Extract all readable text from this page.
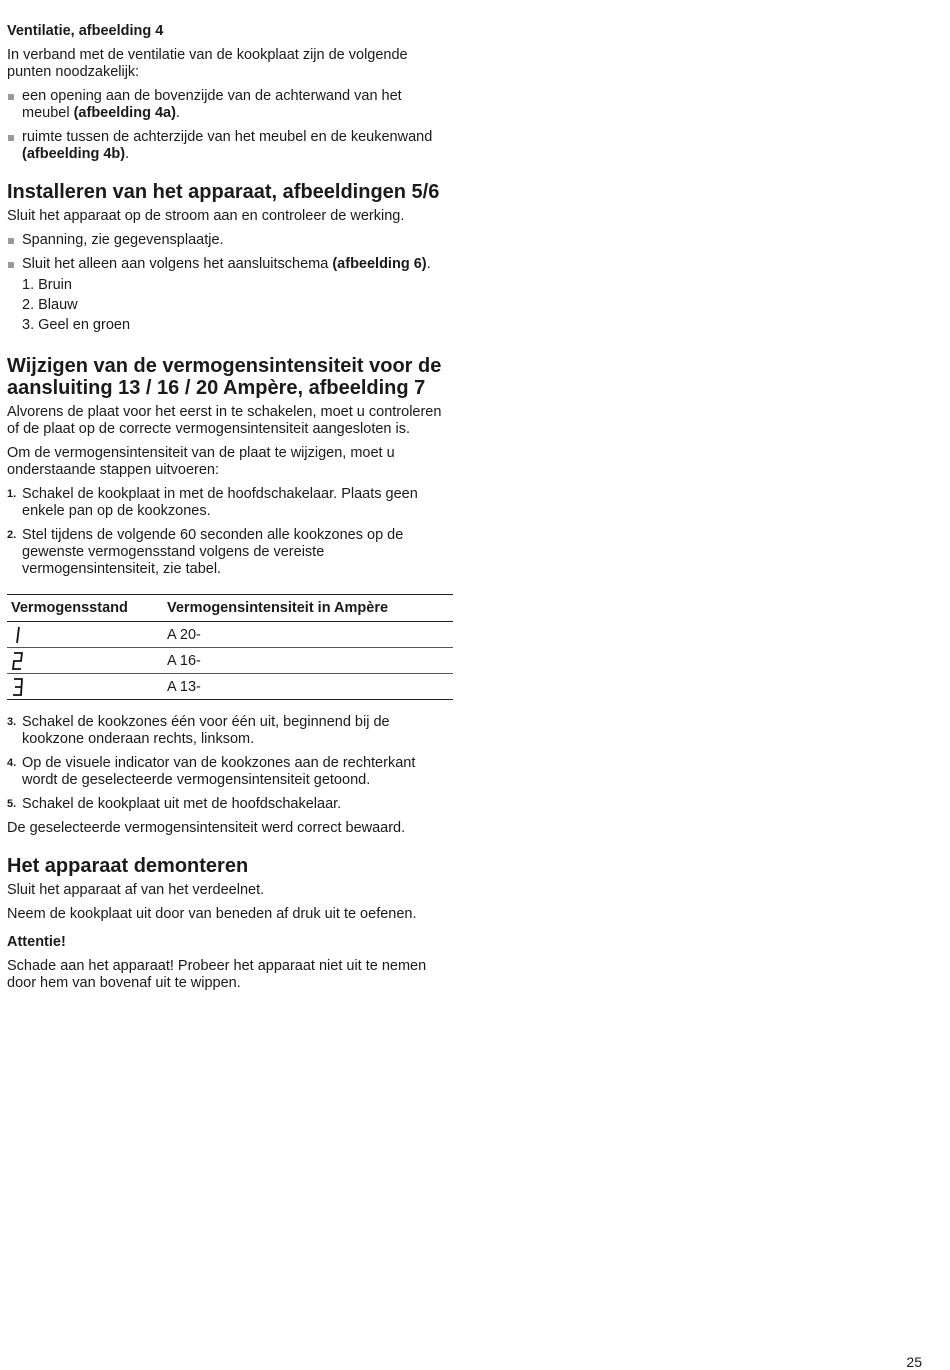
Ventilatie, afbeelding 4

In verband met de ventilatie van de kookplaat zijn de volgende punten noodzakelijk:

een opening aan de bovenzijde van de achterwand van het meubel (afbeelding 4a).
ruimte tussen de achterzijde van het meubel en de keukenwand (afbeelding 4b).
Installeren van het apparaat, afbeeldingen 5/6

Sluit het apparaat op de stroom aan en controleer de werking.

Spanning, zie gegevensplaatje.
Sluit het alleen aan volgens het aansluitschema (afbeelding 6).
1. Bruin
2. Blauw
3. Geel en groen
Wijzigen van de vermogensintensiteit voor de aansluiting 13 / 16 / 20 Ampère, afbeelding 7

Alvorens de plaat voor het eerst in te schakelen, moet u controleren of de plaat op de correcte vermogensintensiteit aangesloten is.

Om de vermogensintensiteit van de plaat te wijzigen, moet u onderstaande stappen uitvoeren:

1. Schakel de kookplaat in met de hoofdschakelaar. Plaats geen enkele pan op de kookzones.
2. Stel tijdens de volgende 60 seconden alle kookzones op de gewenste vermogensstand volgens de vereiste vermogensintensiteit, zie tabel.
Vermogensstand	Vermogensintensiteit in Ampère
	A 20-
	A 16-
	A 13-
3. Schakel de kookzones één voor één uit, beginnend bij de kookzone onderaan rechts, linksom.
4. Op de visuele indicator van de kookzones aan de rechterkant wordt de geselecteerde vermogensintensiteit getoond.
5. Schakel de kookplaat uit met de hoofdschakelaar.

De geselecteerde vermogensintensiteit werd correct bewaard.

Het apparaat demonteren

Sluit het apparaat af van het verdeelnet.

Neem de kookplaat uit door van beneden af druk uit te oefenen.

Attentie!

Schade aan het apparaat! Probeer het apparaat niet uit te nemen door hem van bovenaf uit te wippen.

25
